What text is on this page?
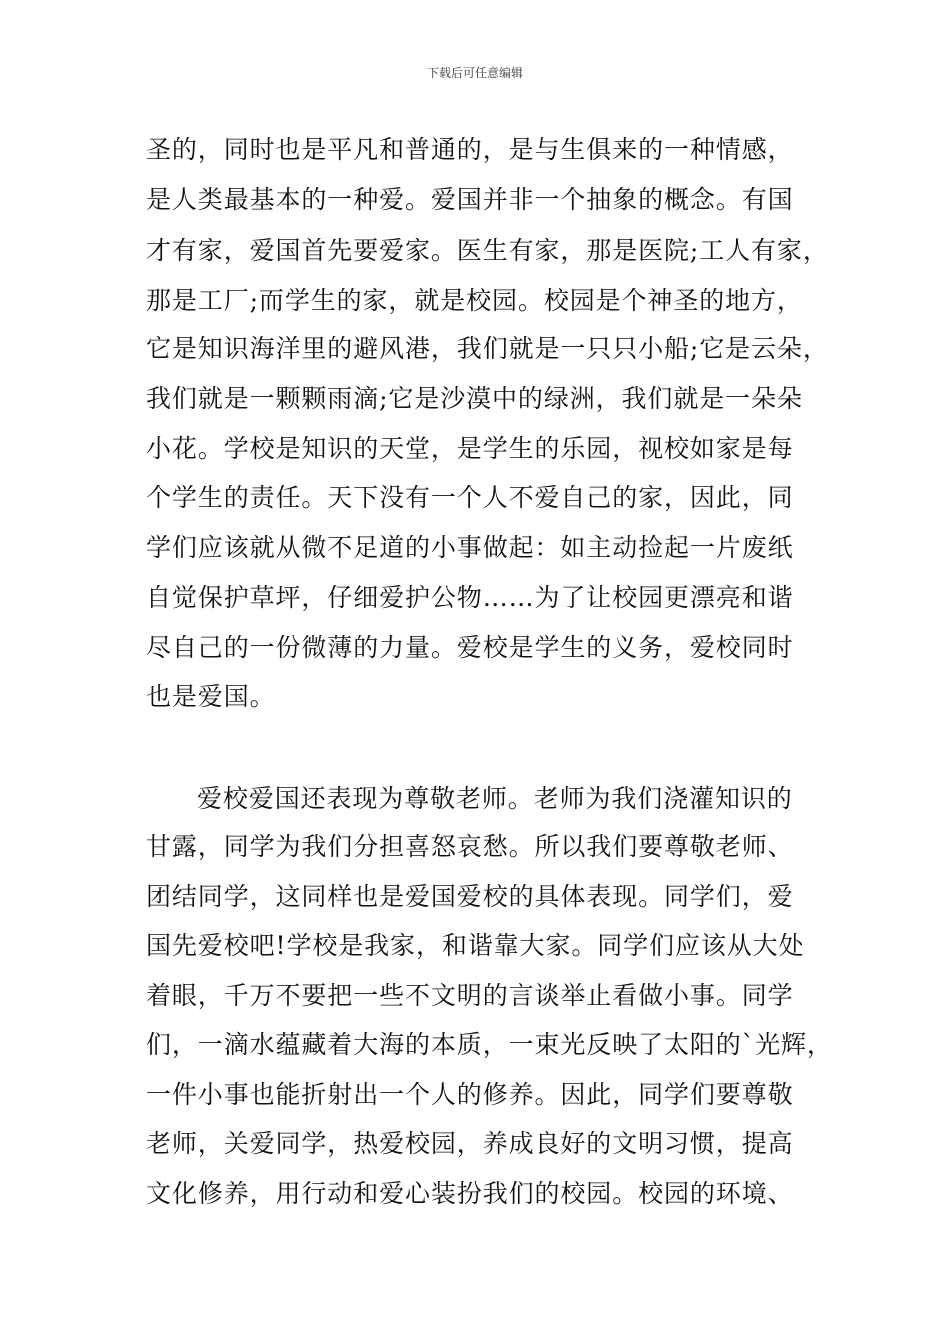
下载后可任意编辑
圣的，同时也是平凡和普通的，是与生俱来的一种情感，
是人类最基本的一种爱。爱国并非一个抽象的概念。有国
才有家，爱国首先要爱家。医生有家，那是医院;工人有家，
那是工厂;而学生的家，就是校园。校园是个神圣的地方，
它是知识海洋里的避风港，我们就是一只只小船;它是云朵，
我们就是一颗颗雨滴;它是沙漠中的绿洲，我们就是一朵朵
小花。学校是知识的天堂，是学生的乐园，视校如家是每
个学生的责任。天下没有一个人不爱自己的家，因此，同
学们应该就从微不足道的小事做起：如主动捡起一片废纸
自觉保护草坪，仔细爱护公物……为了让校园更漂亮和谐
尽自己的一份微薄的力量。爱校是学生的义务，爱校同时
也是爱国。
爱校爱国还表现为尊敬老师。老师为我们浇灌知识的
甘露，同学为我们分担喜怒哀愁。所以我们要尊敬老师、
团结同学，这同样也是爱国爱校的具体表现。同学们，爱
国先爱校吧!学校是我家，和谐靠大家。同学们应该从大处
着眼，千万不要把一些不文明的言谈举止看做小事。同学
们，一滴水蕴藏着大海的本质，一束光反映了太阳的`光辉，
一件小事也能折射出一个人的修养。因此，同学们要尊敬
老师，关爱同学，热爱校园，养成良好的文明习惯，提高
文化修养，用行动和爱心装扮我们的校园。校园的环境、
